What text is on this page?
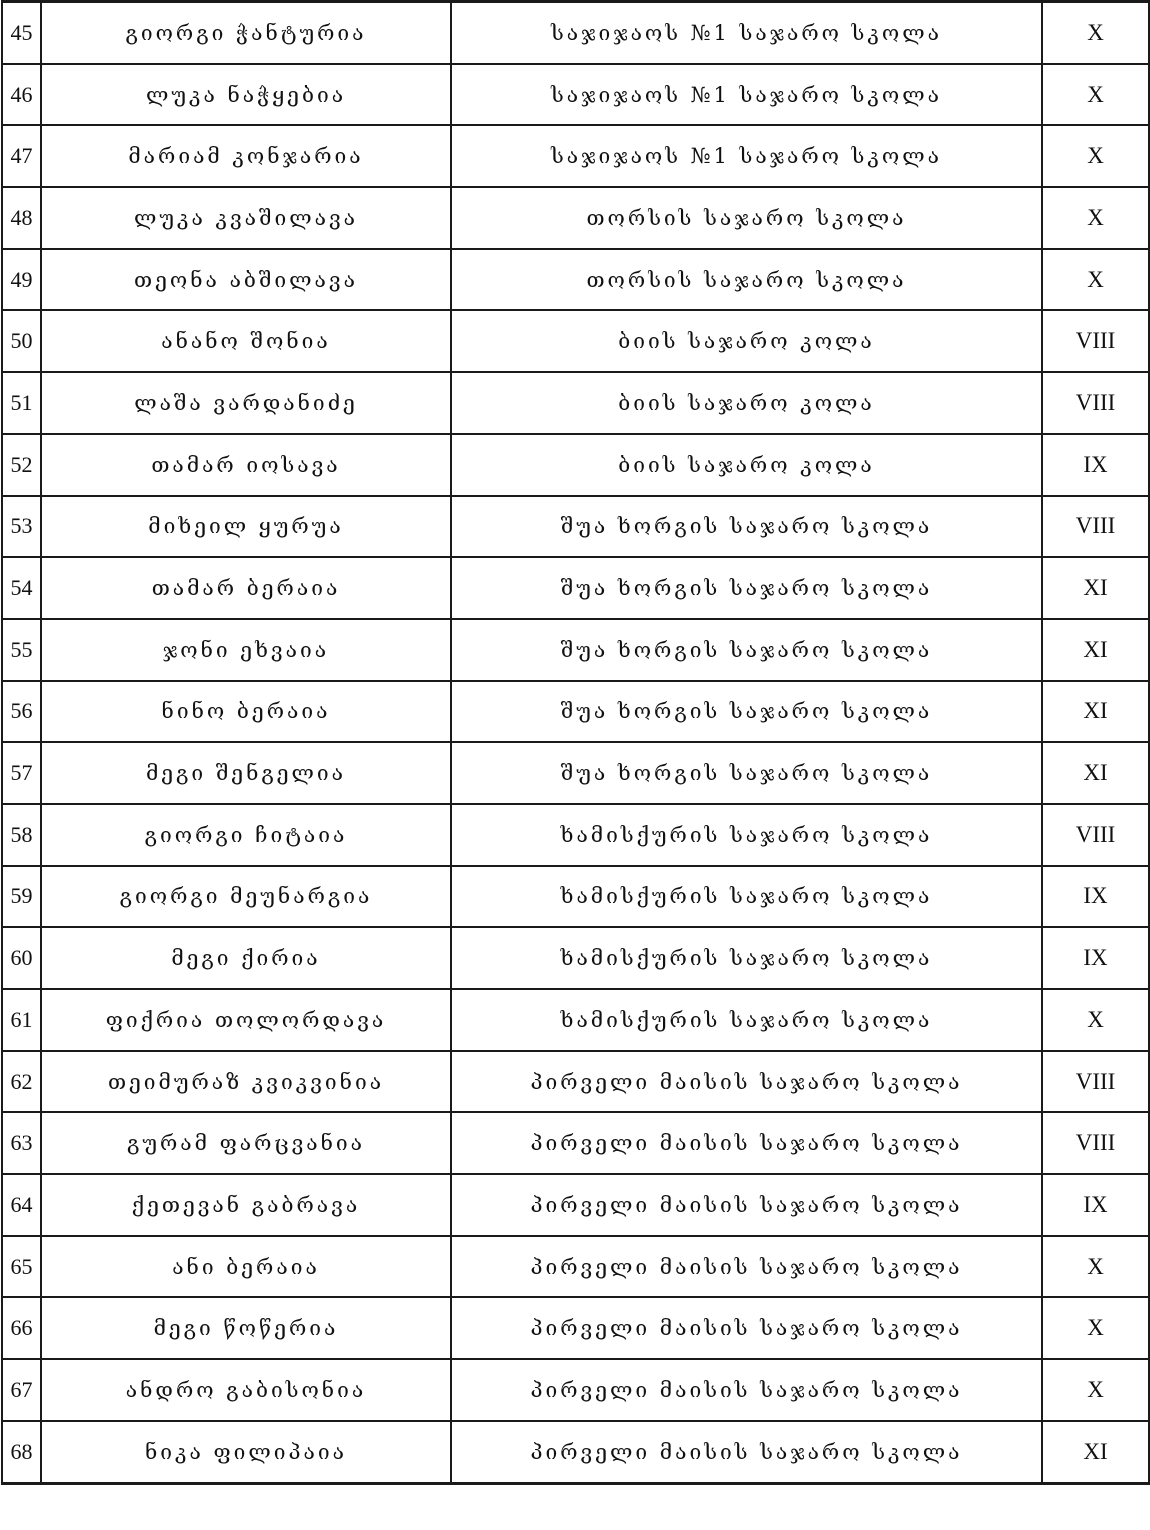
45	გიორგი ჭანტურია	საჯიჯაოს №1 საჯარო სკოლა	X
46	ლუკა ნაჭყებია	საჯიჯაოს №1 საჯარო სკოლა	X
47	მარიამ კონჯარია	საჯიჯაოს №1 საჯარო სკოლა	X
48	ლუკა კვაშილავა	თორსის საჯარო სკოლა	X
49	თეონა აბშილავა	თორსის საჯარო სკოლა	X
50	ანანო შონია	ბიის საჯარო კოლა	VIII
51	ლაშა ვარდანიძე	ბიის საჯარო კოლა	VIII
52	თამარ იოსავა	ბიის საჯარო კოლა	IX
53	მიხეილ ყურუა	შუა ხორგის საჯარო სკოლა	VIII
54	თამარ ბერაია	შუა ხორგის საჯარო სკოლა	XI
55	ჯონი ეხვაია	შუა ხორგის საჯარო სკოლა	XI
56	ნინო ბერაია	შუა ხორგის საჯარო სკოლა	XI
57	მეგი შენგელია	შუა ხორგის საჯარო სკოლა	XI
58	გიორგი ჩიტაია	ხამისქურის საჯარო სკოლა	VIII
59	გიორგი მეუნარგია	ხამისქურის საჯარო სკოლა	IX
60	მეგი ქირია	ხამისქურის საჯარო სკოლა	IX
61	ფიქრია თოლორდავა	ხამისქურის საჯარო სკოლა	X
62	თეიმურაზ კვიკვინია	პირველი მაისის საჯარო სკოლა	VIII
63	გურამ ფარცვანია	პირველი მაისის საჯარო სკოლა	VIII
64	ქეთევან გაბრავა	პირველი მაისის საჯარო სკოლა	IX
65	ანი ბერაია	პირველი მაისის საჯარო სკოლა	X
66	მეგი წოწერია	პირველი მაისის საჯარო სკოლა	X
67	ანდრო გაბისონია	პირველი მაისის საჯარო სკოლა	X
68	ნიკა ფილიპაია	პირველი მაისის საჯარო სკოლა	XI
